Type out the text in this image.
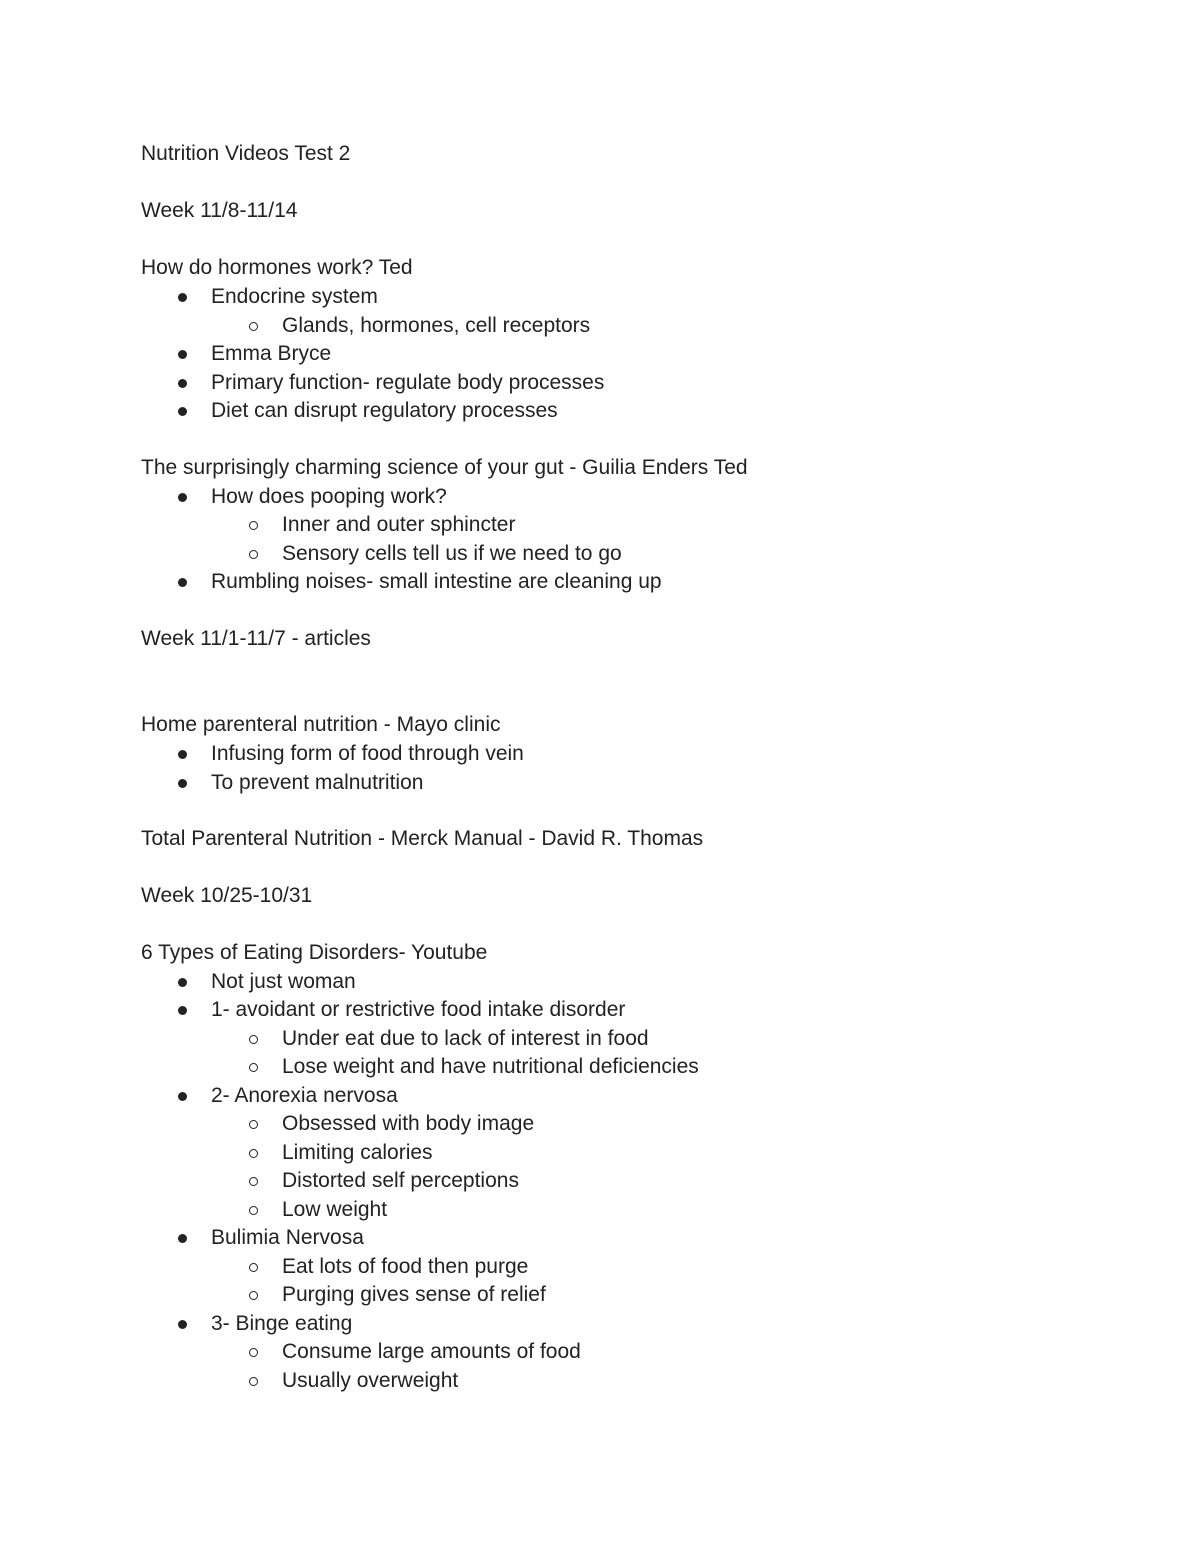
Nutrition Videos Test 2
Week 11/8-11/14
How do hormones work? Ted
Endocrine system
Glands, hormones, cell receptors
Emma Bryce
Primary function- regulate body processes
Diet can disrupt regulatory processes
The surprisingly charming science of your gut - Guilia Enders Ted
How does pooping work?
Inner and outer sphincter
Sensory cells tell us if we need to go
Rumbling noises- small intestine are cleaning up
Week 11/1-11/7 - articles
Home parenteral nutrition - Mayo clinic
Infusing form of food through vein
To prevent malnutrition
Total Parenteral Nutrition - Merck Manual - David R. Thomas
Week 10/25-10/31
6 Types of Eating Disorders- Youtube
Not just woman
1- avoidant or restrictive food intake disorder
Under eat due to lack of interest in food
Lose weight and have nutritional deficiencies
2- Anorexia nervosa
Obsessed with body image
Limiting calories
Distorted self perceptions
Low weight
Bulimia Nervosa
Eat lots of food then purge
Purging gives sense of relief
3- Binge eating
Consume large amounts of food
Usually overweight
